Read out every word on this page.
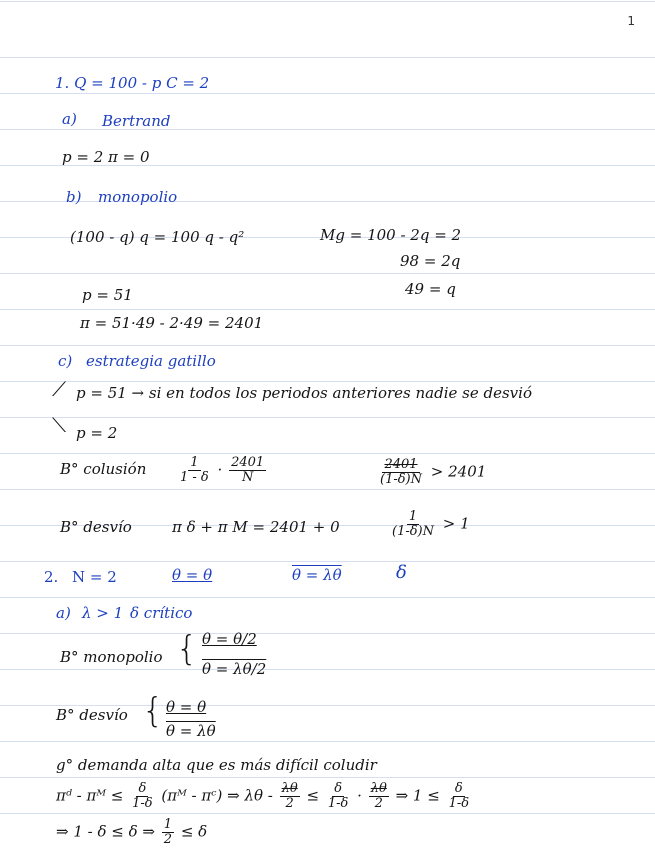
1
1. Q = 100 - p C = 2
a) Bertrand
p = 2 π = 0
b) monopolio
(100 - q) q = 100 q - q²	Mg = 100 - 2q = 2
98 = 2q
49 = q
p = 51
π = 51·49 - 2·49 = 2401
c) estrategia gatillo
⟋ p = 51 → si en todos los periodos anteriores nadie se desvió
⟍ p = 2
B° colusión $\frac{1}{1 - \delta} \cdot \frac{2401}{N}$	$\frac{2401}{(1-\delta)N} > 2401$
B° desvío	π δ + π M = 2401 + 0	$\frac{1}{(1-\delta)N} > 1$
2. N = 2	θ = θ	θ = λθ	δ
a) λ > 1 δ crítico
B° monopolio { θ = θ/2
θ = λθ/2
B° desvío { θ = θ
θ = λθ
g° demanda alta que es más difícil coludir
πᵈ - πᴹ ≤ $\frac{\delta}{1-\delta}$ (πᴹ - πᶜ) ⇒ $\lambda\theta - \frac{\lambda\theta}{2} \le \frac{\delta}{1-\delta} \cdot \frac{\lambda\theta}{2}$ ⇒ $1 \le \frac{\delta}{1-\delta}$
⇒ 1 - δ ≤ δ ⇒ $\frac{1}{2} \le \delta$
